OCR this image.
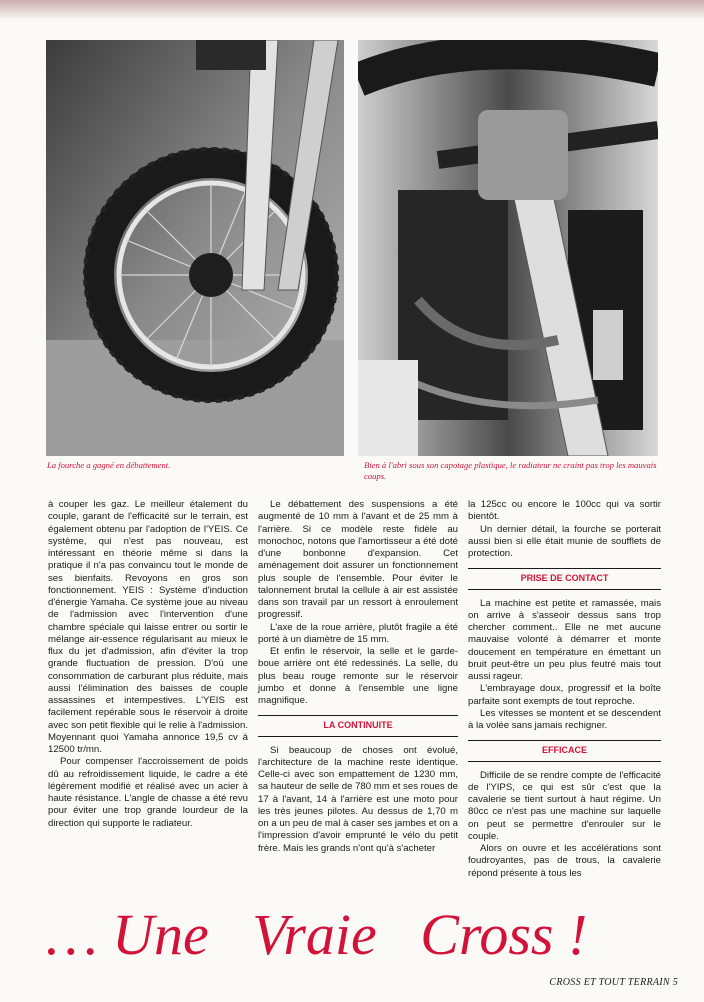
La fourche a gagné en débattement.	Bien à l'abri sous son capotage plastique, le radiateur ne craint pas trop les mauvais coups.

à couper les gaz. Le meilleur étalement du couple, garant de l'efficacité sur le terrain, est également obtenu par l'adoption de l'YEIS. Ce système, qui n'est pas nouveau, est intéressant en théorie même si dans la pratique il n'a pas convaincu tout le monde de ses bienfaits. Revoyons en gros son fonctionnement. YEIS : Système d'induction d'énergie Yamaha. Ce système joue au niveau de l'admission avec l'intervention d'une chambre spéciale qui laisse entrer ou sortir le mélange air-essence régularisant au mieux le flux du jet d'admission, afin d'éviter la trop grande fluctuation de pression. D'où une consommation de carburant plus réduite, mais aussi l'élimination des baisses de couple assassines et intempestives. L'YEIS est facilement repérable sous le réservoir à droite avec son petit flexible qui le relie à l'admission. Moyennant quoi Yamaha annonce 19,5 cv à 12500 tr/mn.

Pour compenser l'accroissement de poids dû au refroidissement liquide, le cadre a été légèrement modifié et réalisé avec un acier à haute résistance. L'angle de chasse a été revu pour éviter une trop grande lourdeur de la direction qui supporte le radiateur.

Le débattement des suspensions a été augmenté de 10 mm à l'avant et de 25 mm à l'arrière. Si ce modèle reste fidèle au monochoc, notons que l'amortisseur a été doté d'une bonbonne d'expansion. Cet aménagement doit assurer un fonctionnement plus souple de l'ensemble. Pour éviter le talonnement brutal la cellule à air est assistée dans son travail par un ressort à enroulement progressif.

L'axe de la roue arrière, plutôt fragile a été porté à un diamètre de 15 mm.

Et enfin le réservoir, la selle et le garde-boue arrière ont été redessinés. La selle, du plus beau rouge remonte sur le réservoir jumbo et donne à l'ensemble une ligne magnifique.

LA CONTINUITE

Si beaucoup de choses ont évolué, l'architecture de la machine reste identique. Celle-ci avec son empattement de 1230 mm, sa hauteur de selle de 780 mm et ses roues de 17 à l'avant, 14 à l'arrière est une moto pour les très jeunes pilotes. Au dessus de 1,70 m on a un peu de mal à caser ses jambes et on a l'impression d'avoir emprunté le vélo du petit frère. Mais les grands n'ont qu'à s'acheter

la 125cc ou encore le 100cc qui va sortir bientôt.

Un dernier détail, la fourche se porterait aussi bien si elle était munie de soufflets de protection.

PRISE DE CONTACT

La machine est petite et ramassée, mais on arrive à s'asseoir dessus sans trop chercher comment.. Elle ne met aucune mauvaise volonté à démarrer et monte doucement en température en émettant un bruit peut-être un peu plus feutré mais tout aussi rageur.

L'embrayage doux, progressif et la boîte parfaite sont exempts de tout reproche.

Les vitesses se montent et se descendent à la volée sans jamais rechigner.

EFFICACE

Difficile de se rendre compte de l'efficacité de l'YIPS, ce qui est sûr c'est que la cavalerie se tient surtout à haut régime. Un 80cc ce n'est pas une machine sur laquelle on peut se permettre d'enrouler sur le couple.

Alors on ouvre et les accélérations sont foudroyantes, pas de trous, la cavalerie répond présente à tous les

… Une   Vraie   Cross !
CROSS ET TOUT TERRAIN 5
